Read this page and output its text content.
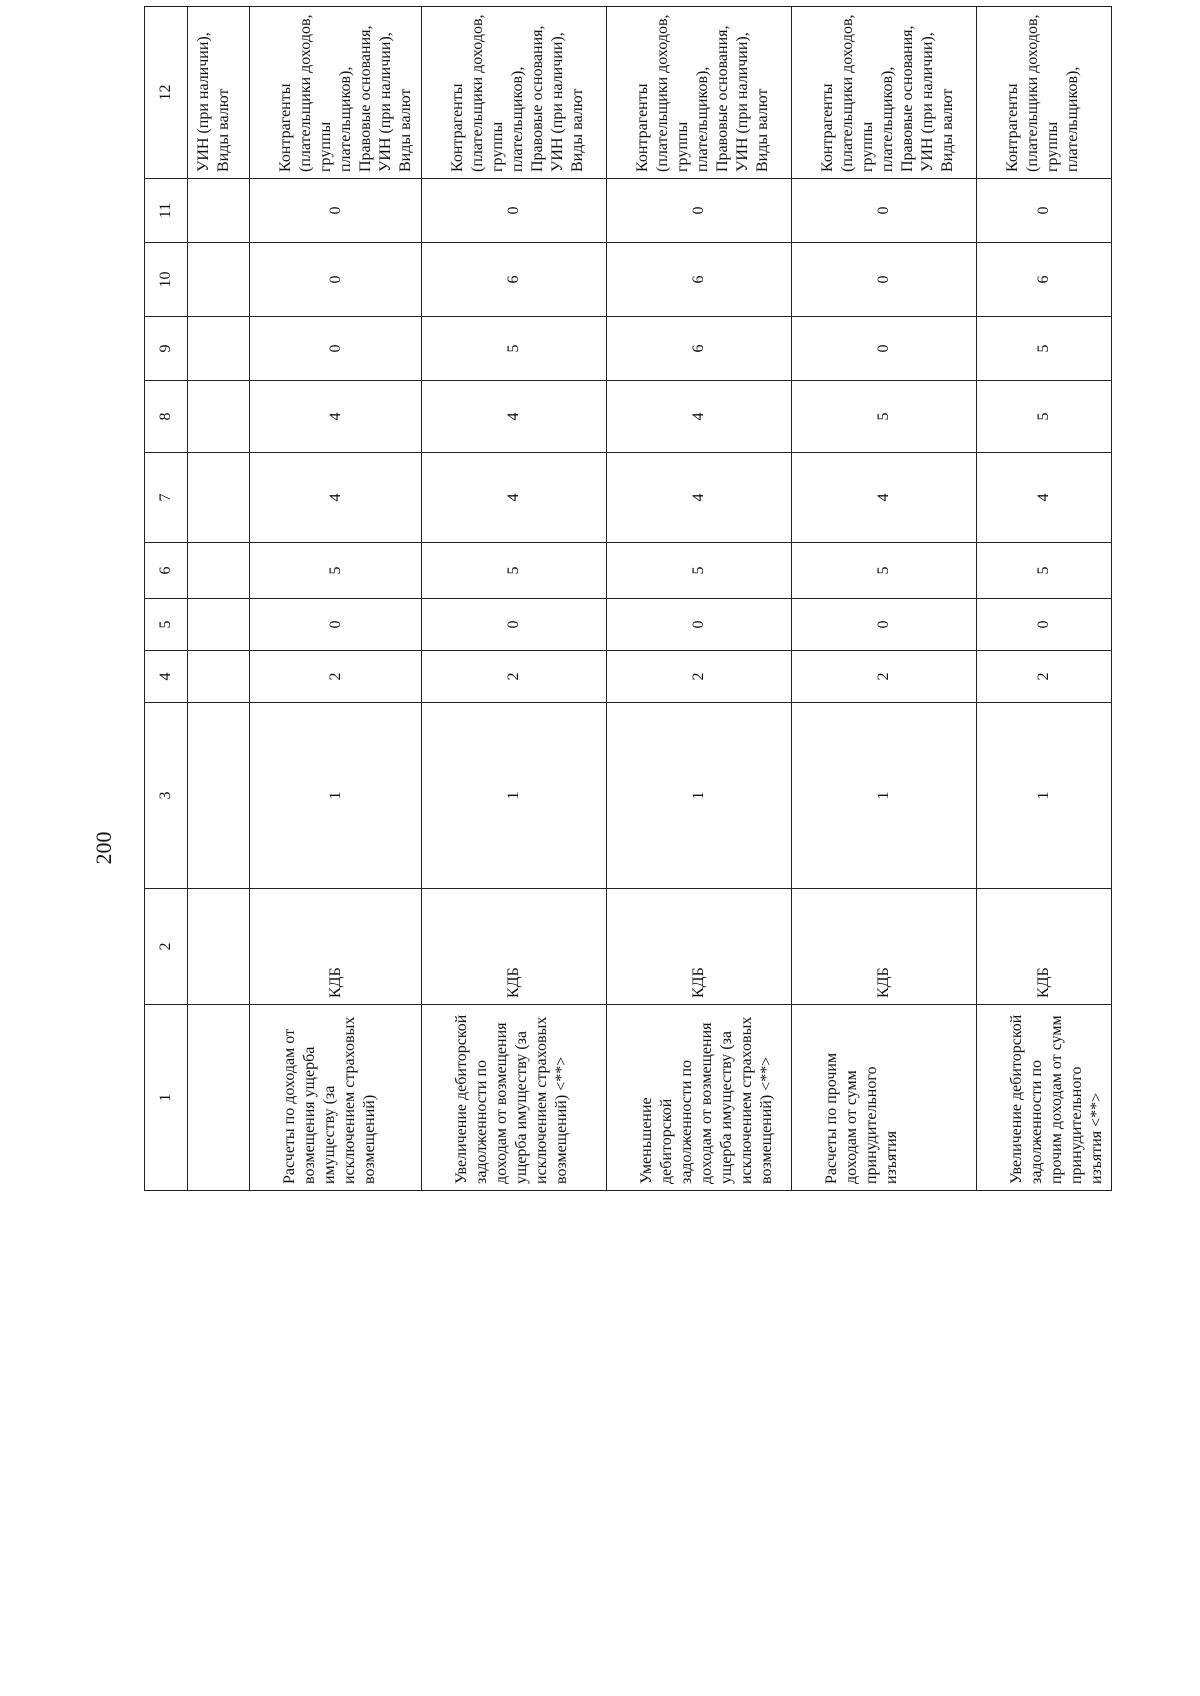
200
1	2	3	4	5	6	7	8	9	10	11	12
											УИН (при наличии), Виды валют
Расчеты по доходам от возмещения ущерба имуществу (за исключением страховых возмещений)	КДБ	1	2	0	5	4	4	0	0	0	Контрагенты (плательщики доходов, группы плательщиков), Правовые основания, УИН (при наличии), Виды валют
Увеличение дебиторской задолженности по доходам от возмещения ущерба имуществу (за исключением страховых возмещений) <**>	КДБ	1	2	0	5	4	4	5	6	0	Контрагенты (плательщики доходов, группы плательщиков), Правовые основания, УИН (при наличии), Виды валют
Уменьшение дебиторской задолженности по доходам от возмещения ущерба имуществу (за исключением страховых возмещений) <**>	КДБ	1	2	0	5	4	4	6	6	0	Контрагенты (плательщики доходов, группы плательщиков), Правовые основания, УИН (при наличии), Виды валют
Расчеты по прочим доходам от сумм принудительного изъятия	КДБ	1	2	0	5	4	5	0	0	0	Контрагенты (плательщики доходов, группы плательщиков), Правовые основания, УИН (при наличии), Виды валют
Увеличение дебиторской задолженности по прочим доходам от сумм принудительного изъятия <**>	КДБ	1	2	0	5	4	5	5	6	0	Контрагенты (плательщики доходов, группы плательщиков),
